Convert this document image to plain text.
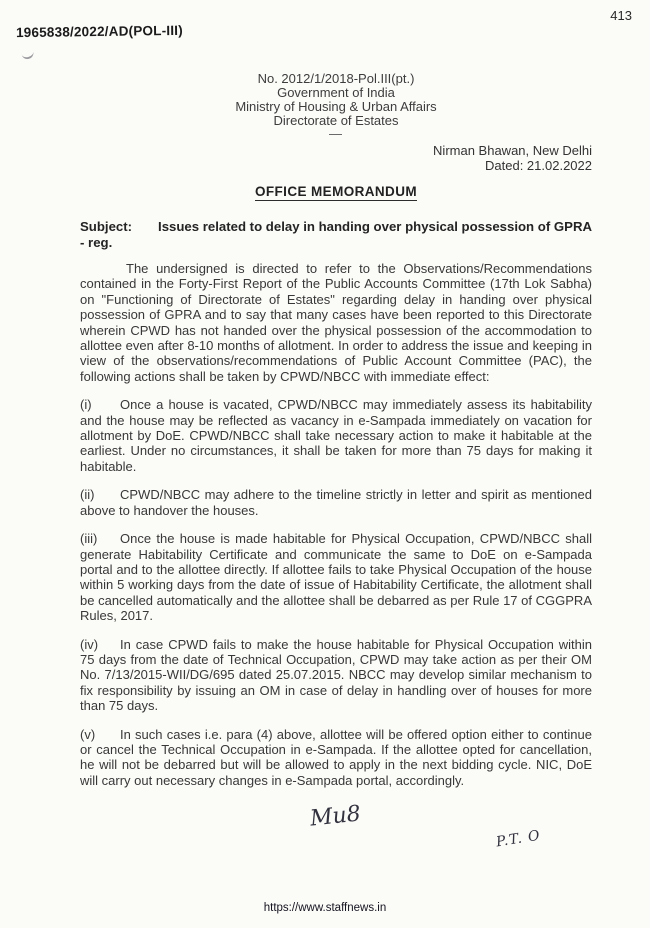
1965838/2022/AD(POL-III)
413
No. 2012/1/2018-Pol.III(pt.)
Government of India
Ministry of Housing & Urban Affairs
Directorate of Estates
—
Nirman Bhawan, New Delhi
Dated: 21.02.2022
OFFICE MEMORANDUM

Subject: Issues related to delay in handing over physical possession of GPRA - reg.

The undersigned is directed to refer to the Observations/Recommendations contained in the Forty-First Report of the Public Accounts Committee (17th Lok Sabha) on "Functioning of Directorate of Estates" regarding delay in handing over physical possession of GPRA and to say that many cases have been reported to this Directorate wherein CPWD has not handed over the physical possession of the accommodation to allottee even after 8-10 months of allotment. In order to address the issue and keeping in view of the observations/recommendations of Public Account Committee (PAC), the following actions shall be taken by CPWD/NBCC with immediate effect:

(i) Once a house is vacated, CPWD/NBCC may immediately assess its habitability and the house may be reflected as vacancy in e-Sampada immediately on vacation for allotment by DoE. CPWD/NBCC shall take necessary action to make it habitable at the earliest. Under no circumstances, it shall be taken for more than 75 days for making it habitable.

(ii) CPWD/NBCC may adhere to the timeline strictly in letter and spirit as mentioned above to handover the houses.

(iii) Once the house is made habitable for Physical Occupation, CPWD/NBCC shall generate Habitability Certificate and communicate the same to DoE on e-Sampada portal and to the allottee directly. If allottee fails to take Physical Occupation of the house within 5 working days from the date of issue of Habitability Certificate, the allotment shall be cancelled automatically and the allottee shall be debarred as per Rule 17 of CGGPRA Rules, 2017.

(iv) In case CPWD fails to make the house habitable for Physical Occupation within 75 days from the date of Technical Occupation, CPWD may take action as per their OM No. 7/13/2015-WII/DG/695 dated 25.07.2015. NBCC may develop similar mechanism to fix responsibility by issuing an OM in case of delay in handling over of houses for more than 75 days.

(v) In such cases i.e. para (4) above, allottee will be offered option either to continue or cancel the Technical Occupation in e-Sampada. If the allottee opted for cancellation, he will not be debarred but will be allowed to apply in the next bidding cycle. NIC, DoE will carry out necessary changes in e-Sampada portal, accordingly.

Mu8
P.T. O
https://www.staffnews.in
